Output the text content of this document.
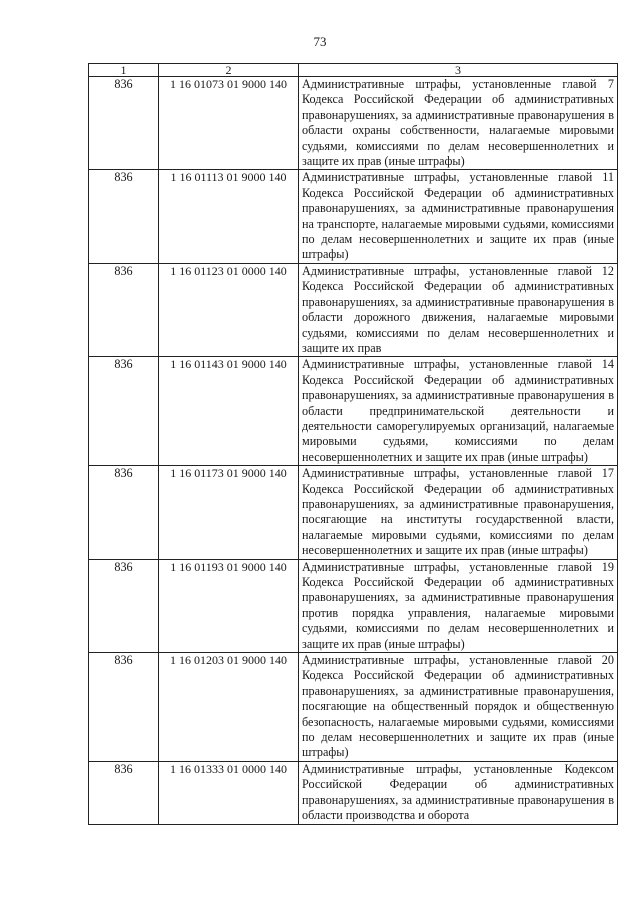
73
1	2	3
836	1 16 01073 01 9000 140	Административные штрафы, установленные главой 7 Кодекса Российской Федерации об административных правонарушениях, за административные правонарушения в области охраны собственности, налагаемые мировыми судьями, комиссиями по делам несовершеннолетних и защите их прав (иные штрафы)
836	1 16 01113 01 9000 140	Административные штрафы, установленные главой 11 Кодекса Российской Федерации об административных правонарушениях, за административные правонарушения на транспорте, налагаемые мировыми судьями, комиссиями по делам несовершеннолетних и защите их прав (иные штрафы)
836	1 16 01123 01 0000 140	Административные штрафы, установленные главой 12 Кодекса Российской Федерации об административных правонарушениях, за административные правонарушения в области дорожного движения, налагаемые мировыми судьями, комиссиями по делам несовершеннолетних и защите их прав
836	1 16 01143 01 9000 140	Административные штрафы, установленные главой 14 Кодекса Российской Федерации об административных правонарушениях, за административные правонарушения в области предпринимательской деятельности и деятельности саморегулируемых организаций, налагаемые мировыми судьями, комиссиями по делам несовершеннолетних и защите их прав (иные штрафы)
836	1 16 01173 01 9000 140	Административные штрафы, установленные главой 17 Кодекса Российской Федерации об административных правонарушениях, за административные правонарушения, посягающие на институты государственной власти, налагаемые мировыми судьями, комиссиями по делам несовершеннолетних и защите их прав (иные штрафы)
836	1 16 01193 01 9000 140	Административные штрафы, установленные главой 19 Кодекса Российской Федерации об административных правонарушениях, за административные правонарушения против порядка управления, налагаемые мировыми судьями, комиссиями по делам несовершеннолетних и защите их прав (иные штрафы)
836	1 16 01203 01 9000 140	Административные штрафы, установленные главой 20 Кодекса Российской Федерации об административных правонарушениях, за административные правонарушения, посягающие на общественный порядок и общественную безопасность, налагаемые мировыми судьями, комиссиями по делам несовершеннолетних и защите их прав (иные штрафы)
836	1 16 01333 01 0000 140	Административные штрафы, установленные Кодексом Российской Федерации об административных правонарушениях, за административные правонарушения в области производства и оборота
